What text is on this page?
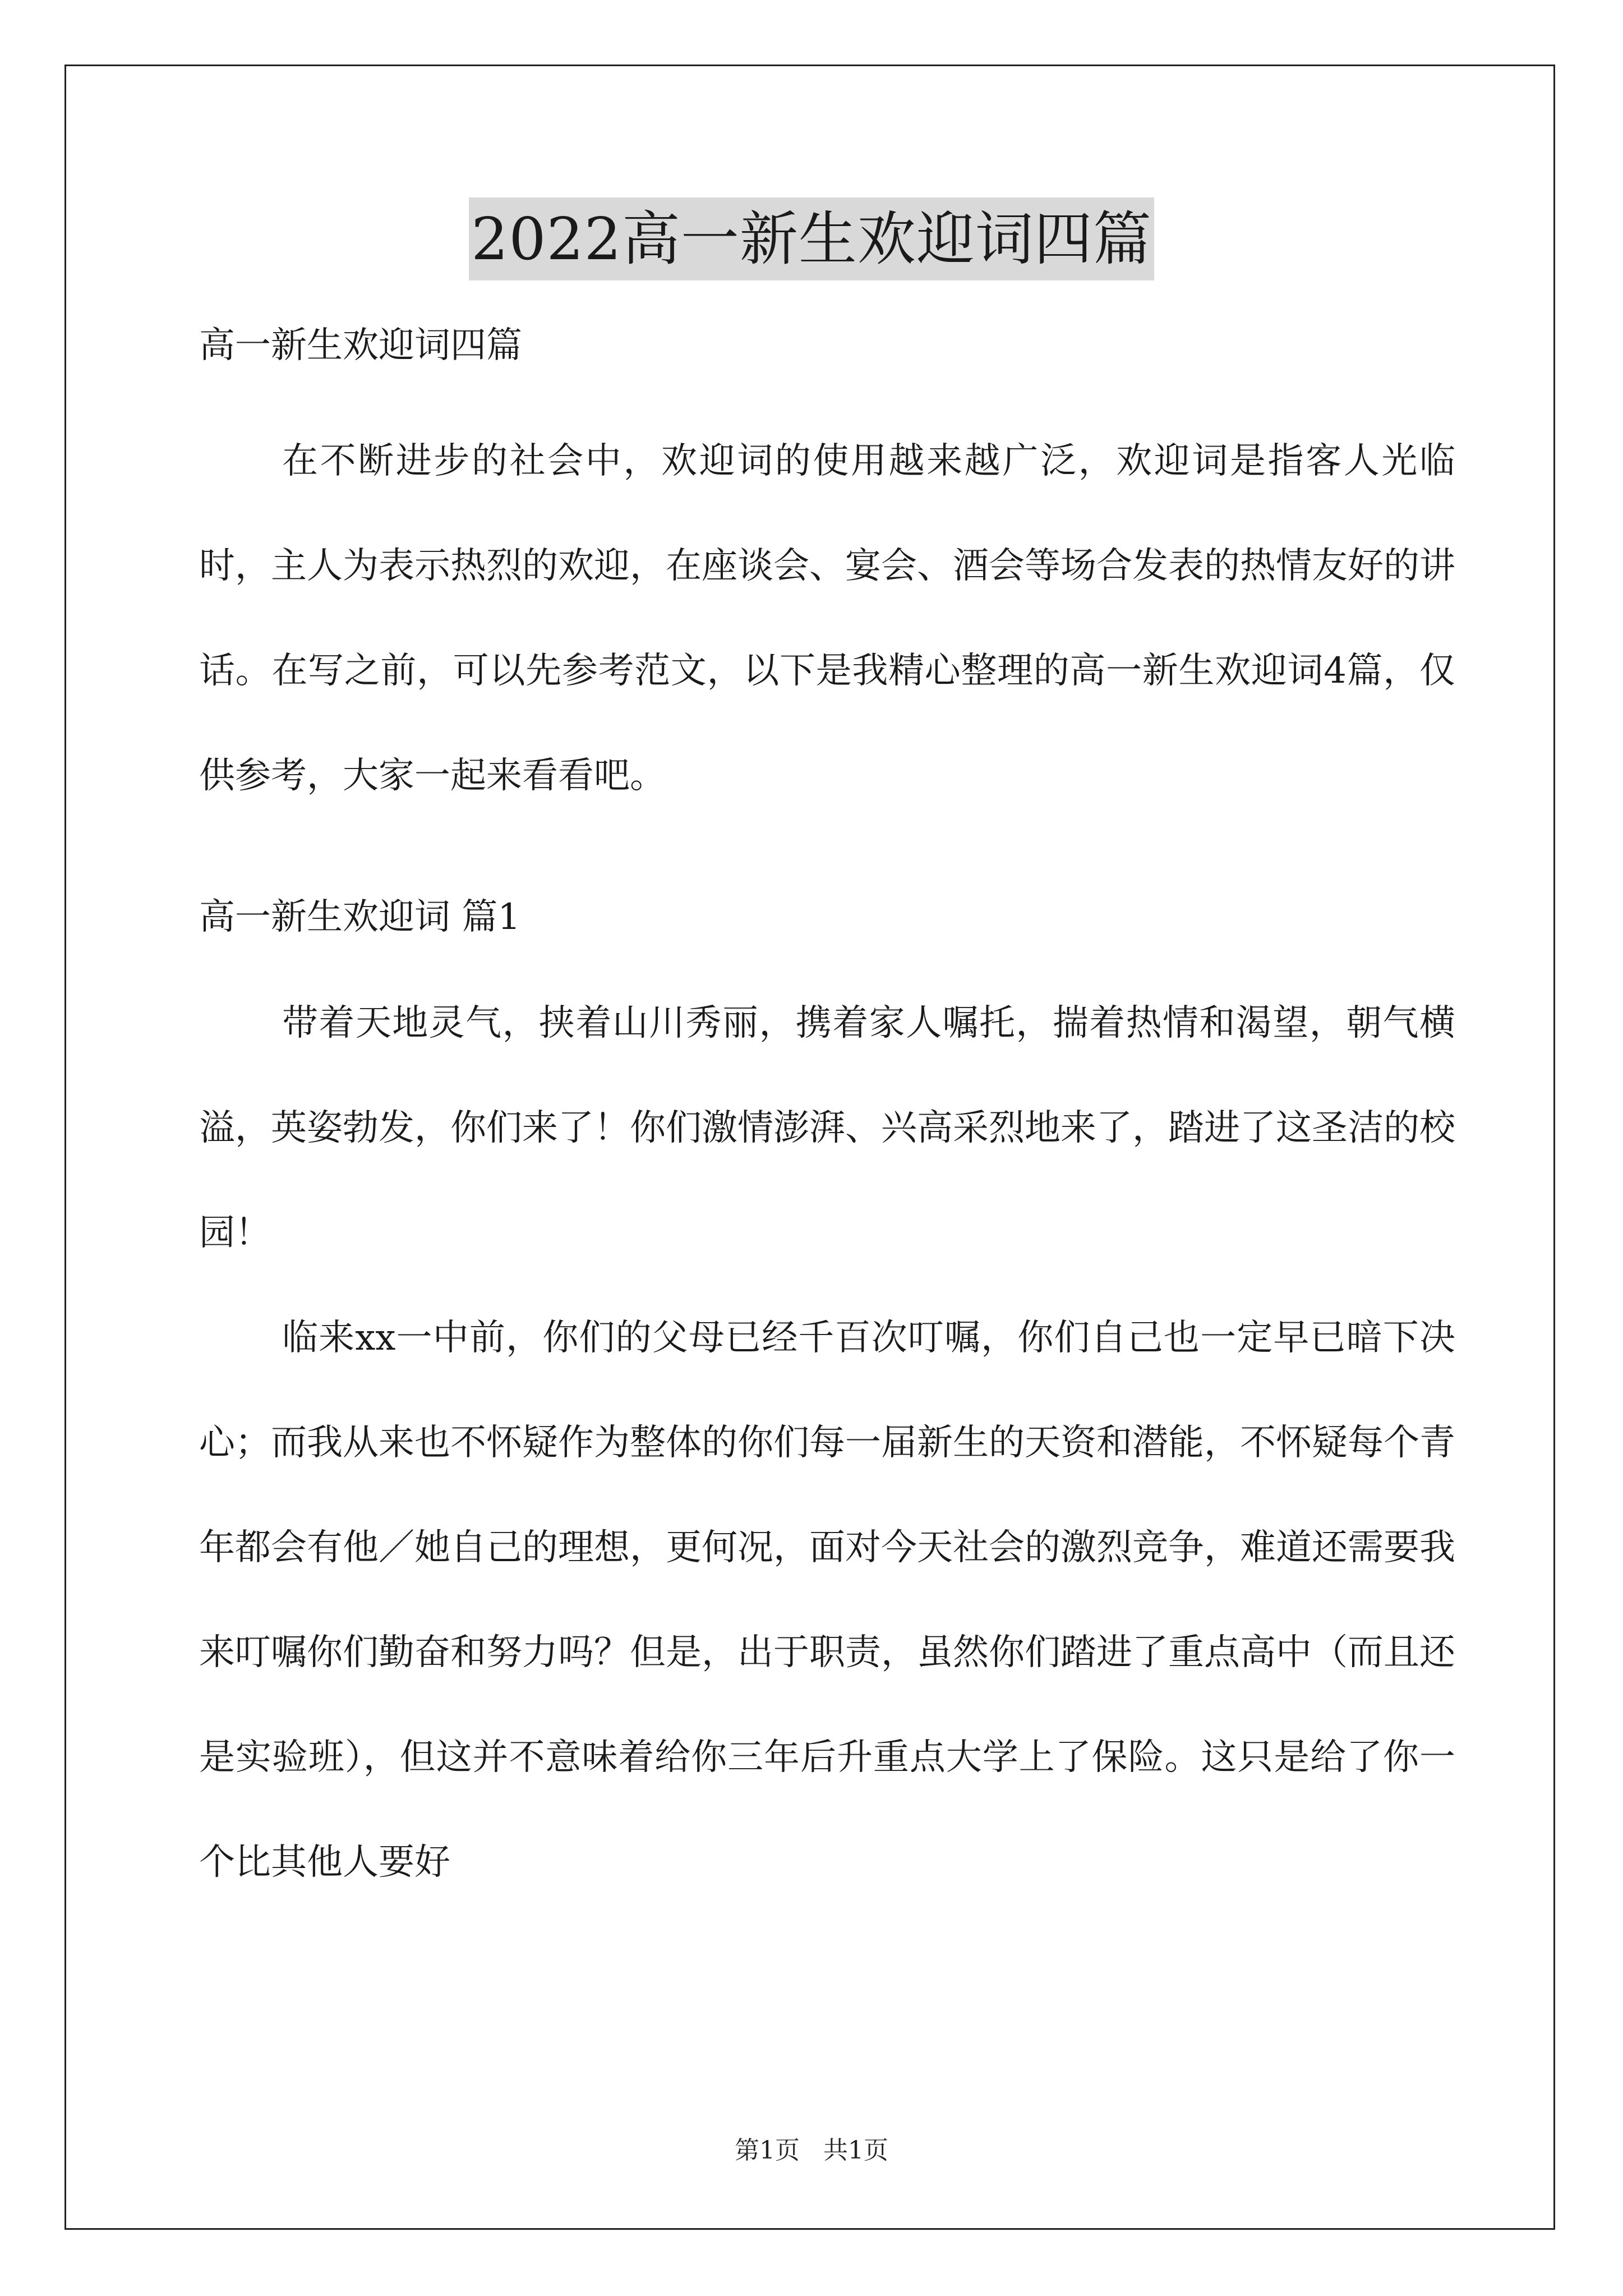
2022高一新生欢迎词四篇

高一新生欢迎词四篇

在不断进步的社会中，欢迎词的使用越来越广泛，欢迎词是指客人光临时，主人为表示热烈的欢迎，在座谈会、宴会、酒会等场合发表的热情友好的讲话。在写之前，可以先参考范文，以下是我精心整理的高一新生欢迎词4篇，仅供参考，大家一起来看看吧。

高一新生欢迎词 篇1

带着天地灵气，挟着山川秀丽，携着家人嘱托，揣着热情和渴望，朝气横溢，英姿勃发，你们来了！你们激情澎湃、兴高采烈地来了，踏进了这圣洁的校园！

临来xx一中前，你们的父母已经千百次叮嘱，你们自己也一定早已暗下决心；而我从来也不怀疑作为整体的你们每一届新生的天资和潜能，不怀疑每个青年都会有他／她自己的理想，更何况，面对今天社会的激烈竞争，难道还需要我来叮嘱你们勤奋和努力吗？但是，出于职责，虽然你们踏进了重点高中（而且还是实验班），但这并不意味着给你三年后升重点大学上了保险。这只是给了你一个比其他人要好

第1页 共1页
